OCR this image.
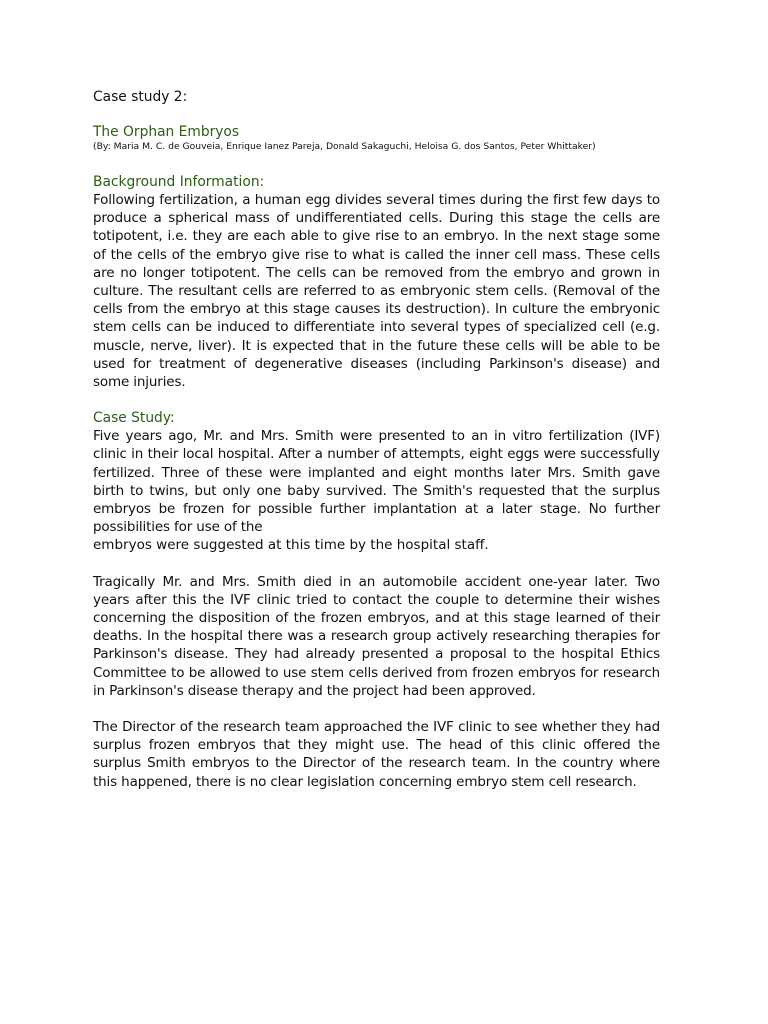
Case study 2:

The Orphan Embryos

(By: Maria M. C. de Gouveia, Enrique Ianez Pareja, Donald Sakaguchi, Heloisa G. dos Santos, Peter Whittaker)

Background Information:

Following fertilization, a human egg divides several times during the first few days to produce a spherical mass of undifferentiated cells. During this stage the cells are totipotent, i.e. they are each able to give rise to an embryo. In the next stage some of the cells of the embryo give rise to what is called the inner cell mass. These cells are no longer totipotent. The cells can be removed from the embryo and grown in culture. The resultant cells are referred to as embryonic stem cells. (Removal of the cells from the embryo at this stage causes its destruction). In culture the embryonic stem cells can be induced to differentiate into several types of specialized cell (e.g. muscle, nerve, liver). It is expected that in the future these cells will be able to be used for treatment of degenerative diseases (including Parkinson's disease) and some injuries.

Case Study:

Five years ago, Mr. and Mrs. Smith were presented to an in vitro fertilization (IVF) clinic in their local hospital. After a number of attempts, eight eggs were successfully fertilized. Three of these were implanted and eight months later Mrs. Smith gave birth to twins, but only one baby survived. The Smith's requested that the surplus embryos be frozen for possible further implantation at a later stage. No further possibilities for use of the

embryos were suggested at this time by the hospital staff.

Tragically Mr. and Mrs. Smith died in an automobile accident one-year later. Two years after this the IVF clinic tried to contact the couple to determine their wishes concerning the disposition of the frozen embryos, and at this stage learned of their deaths. In the hospital there was a research group actively researching therapies for Parkinson's disease. They had already presented a proposal to the hospital Ethics Committee to be allowed to use stem cells derived from frozen embryos for research in Parkinson's disease therapy and the project had been approved.

The Director of the research team approached the IVF clinic to see whether they had surplus frozen embryos that they might use. The head of this clinic offered the surplus Smith embryos to the Director of the research team. In the country where this happened, there is no clear legislation concerning embryo stem cell research.
